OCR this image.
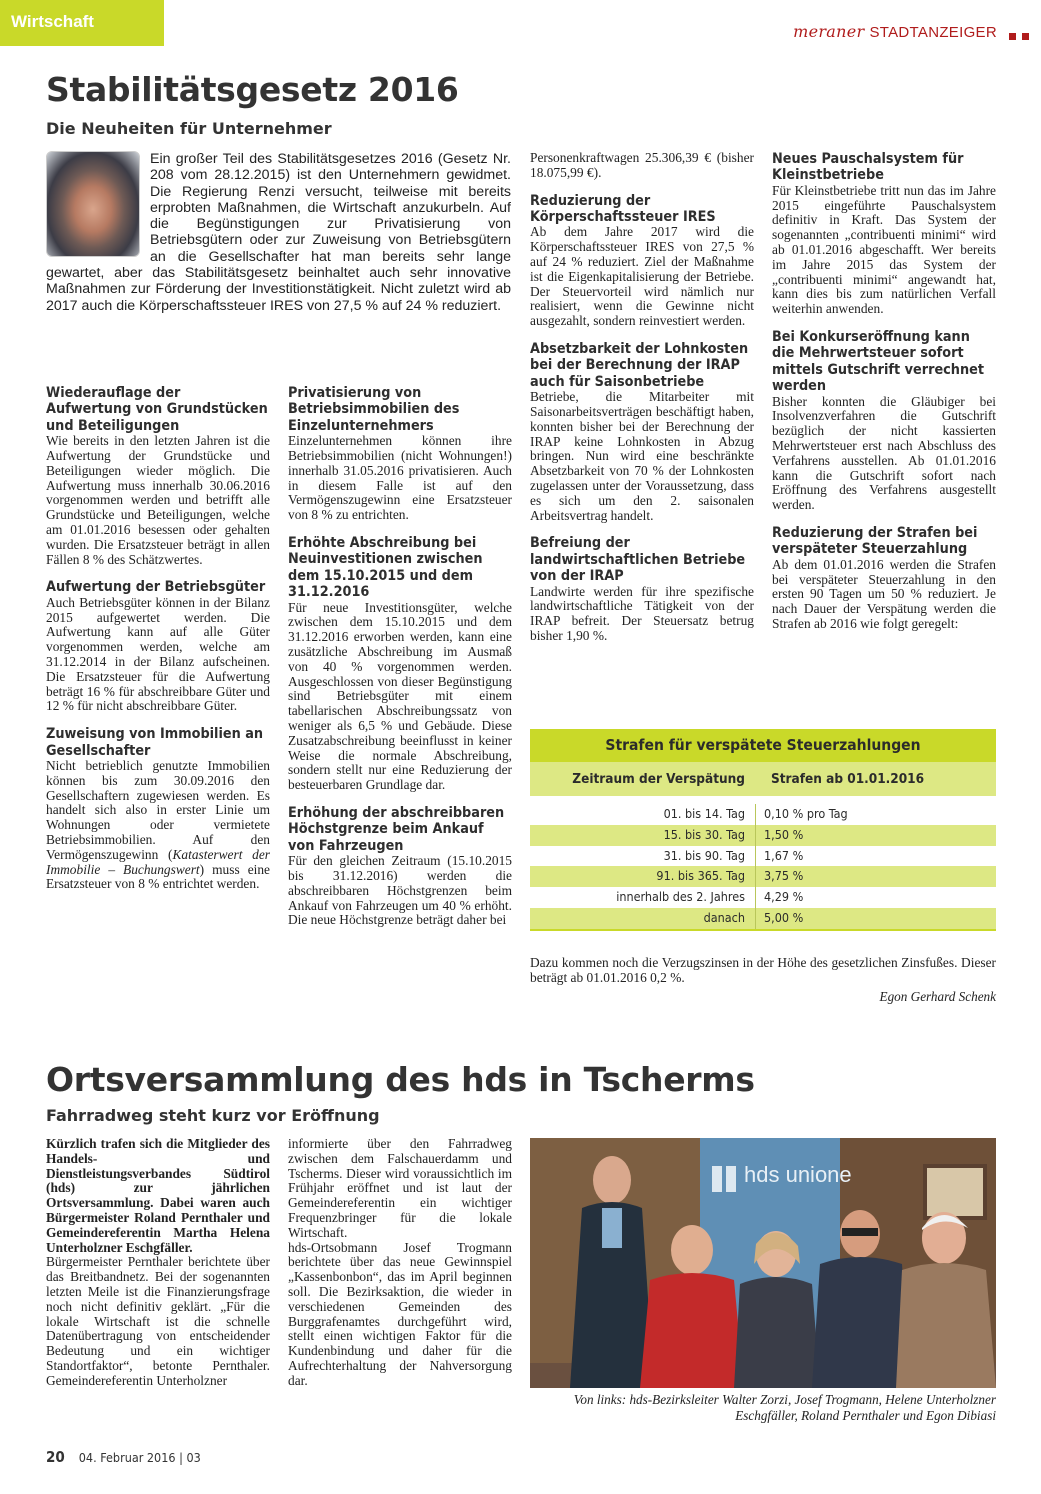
Wirtschaft
meraner STADTANZEIGER
Stabilitätsgesetz 2016
Die Neuheiten für Unternehmer
Ein großer Teil des Stabilitätsgesetzes 2016 (Gesetz Nr. 208 vom 28.12.2015) ist den Unternehmern gewidmet. Die Regierung Renzi versucht, teilweise mit bereits erprobten Maßnahmen, die Wirtschaft anzukurbeln. Auf die Begünstigungen zur Privatisierung von Betriebsgütern oder zur Zuweisung von Betriebsgütern an die Gesellschafter hat man bereits sehr lange gewartet, aber das Stabilitätsgesetz beinhaltet auch sehr innovative Maßnahmen zur Förderung der Investitionstätigkeit. Nicht zuletzt wird ab 2017 auch die Körperschaftssteuer IRES von 27,5 % auf 24 % reduziert.
Wiederauflage der Aufwertung von Grundstücken und Beteiligungen

Wie bereits in den letzten Jahren ist die Aufwertung der Grundstücke und Beteiligungen wieder möglich. Die Aufwertung muss innerhalb 30.06.2016 vorgenommen werden und betrifft alle Grundstücke und Beteiligungen, welche am 01.01.2016 besessen oder gehalten wurden. Die Ersatzsteuer beträgt in allen Fällen 8 % des Schätzwertes.

Aufwertung der Betriebsgüter

Auch Betriebsgüter können in der Bilanz 2015 aufgewertet werden. Die Aufwertung kann auf alle Güter vorgenommen werden, welche am 31.12.2014 in der Bilanz aufscheinen. Die Ersatzsteuer für die Aufwertung beträgt 16 % für abschreibbare Güter und 12 % für nicht abschreibbare Güter.

Zuweisung von Immobilien an Gesellschafter

Nicht betrieblich genutzte Immobilien können bis zum 30.09.2016 den Gesellschaftern zugewiesen werden. Es handelt sich also in erster Linie um Wohnungen oder vermietete Betriebsimmobilien. Auf den Vermögenszugewinn (Katasterwert der Immobilie – Buchungswert) muss eine Ersatzsteuer von 8 % entrichtet werden.

Privatisierung von Betriebsimmobilien des Einzelunternehmers

Einzelunternehmen können ihre Betriebsimmobilien (nicht Wohnungen!) innerhalb 31.05.2016 privatisieren. Auch in diesem Falle ist auf den Vermögenszugewinn eine Ersatzsteuer von 8 % zu entrichten.

Erhöhte Abschreibung bei Neuinvestitionen zwischen dem 15.10.2015 und dem 31.12.2016

Für neue Investitionsgüter, welche zwischen dem 15.10.2015 und dem 31.12.2016 erworben werden, kann eine zusätzliche Abschreibung im Ausmaß von 40 % vorgenommen werden. Ausgeschlossen von dieser Begünstigung sind Betriebsgüter mit einem tabellarischen Abschreibungssatz von weniger als 6,5 % und Gebäude. Diese Zusatzabschreibung beeinflusst in keiner Weise die normale Abschreibung, sondern stellt nur eine Reduzierung der besteuerbaren Grundlage dar.

Erhöhung der abschreibbaren Höchstgrenze beim Ankauf von Fahrzeugen

Für den gleichen Zeitraum (15.10.2015 bis 31.12.2016) werden die abschreibbaren Höchstgrenzen beim Ankauf von Fahrzeugen um 40 % erhöht. Die neue Höchstgrenze beträgt daher bei

Personenkraftwagen 25.306,39 € (bisher 18.075,99 €).

Reduzierung der Körperschaftssteuer IRES

Ab dem Jahre 2017 wird die Körperschaftssteuer IRES von 27,5 % auf 24 % reduziert. Ziel der Maßnahme ist die Eigenkapitalisierung der Betriebe. Der Steuervorteil wird nämlich nur realisiert, wenn die Gewinne nicht ausgezahlt, sondern reinvestiert werden.

Absetzbarkeit der Lohnkosten bei der Berechnung der IRAP auch für Saisonbetriebe

Betriebe, die Mitarbeiter mit Saisonarbeitsverträgen beschäftigt haben, konnten bisher bei der Berechnung der IRAP keine Lohnkosten in Abzug bringen. Nun wird eine beschränkte Absetzbarkeit von 70 % der Lohnkosten zugelassen unter der Voraussetzung, dass es sich um den 2. saisonalen Arbeitsvertrag handelt.

Befreiung der landwirtschaftlichen Betriebe von der IRAP

Landwirte werden für ihre spezifische landwirtschaftliche Tätigkeit von der IRAP befreit. Der Steuersatz betrug bisher 1,90 %.

Neues Pauschalsystem für Kleinstbetriebe

Für Kleinstbetriebe tritt nun das im Jahre 2015 eingeführte Pauschalsystem definitiv in Kraft. Das System der sogenannten „contribuenti minimi“ wird ab 01.01.2016 abgeschafft. Wer bereits im Jahre 2015 das System der „contribuenti minimi“ angewandt hat, kann dies bis zum natürlichen Verfall weiterhin anwenden.

Bei Konkurseröffnung kann die Mehrwertsteuer sofort mittels Gutschrift verrechnet werden

Bisher konnten die Gläubiger bei Insolvenzverfahren die Gutschrift bezüglich der nicht kassierten Mehrwertsteuer erst nach Abschluss des Verfahrens ausstellen. Ab 01.01.2016 kann die Gutschrift sofort nach Eröffnung des Verfahrens ausgestellt werden.

Reduzierung der Strafen bei verspäteter Steuerzahlung

Ab dem 01.01.2016 werden die Strafen bei verspäteter Steuerzahlung in den ersten 90 Tagen um 50 % reduziert. Je nach Dauer der Verspätung werden die Strafen ab 2016 wie folgt geregelt:

Strafen für verspätete Steuerzahlungen
Zeitraum der Verspätung	Strafen ab 01.01.2016
01. bis 14. Tag	0,10 % pro Tag
15. bis 30. Tag	1,50 %
31. bis 90. Tag	1,67 %
91. bis 365. Tag	3,75 %
innerhalb des 2. Jahres	4,29 %
danach	5,00 %

Dazu kommen noch die Verzugszinsen in der Höhe des gesetzlichen Zinsfußes. Dieser beträgt ab 01.01.2016 0,2 %.

Egon Gerhard Schenk
Ortsversammlung des hds in Tscherms
Fahrradweg steht kurz vor Eröffnung
Kürzlich trafen sich die Mitglieder des Handels- und Dienstleistungsverbandes Südtirol (hds) zur jährlichen Ortsversammlung. Dabei waren auch Bürgermeister Roland Pernthaler und Gemeindereferentin Martha Helena Unterholzner Eschgfäller.
Bürgermeister Pernthaler berichtete über das Breitbandnetz. Bei der sogenannten letzten Meile ist die Finanzierungsfrage noch nicht definitiv geklärt. „Für die lokale Wirtschaft ist die schnelle Datenübertragung von entscheidender Bedeutung und ein wichtiger Standortfaktor“, betonte Pernthaler. Gemeindereferentin Unterholzner
informierte über den Fahrradweg zwischen dem Falschauerdamm und Tscherms. Dieser wird voraussichtlich im Frühjahr eröffnet und ist laut der Gemeindereferentin ein wichtiger Frequenzbringer für die lokale Wirtschaft.
hds-Ortsobmann Josef Trogmann berichtete über das neue Gewinnspiel „Kassenbonbon“, das im April beginnen soll. Die Bezirksaktion, die wieder in verschiedenen Gemeinden des Burggrafenamtes durchgeführt wird, stellt einen wichtigen Faktor für die Kundenbindung und daher für die Aufrechterhaltung der Nahversorgung dar.
hds unione
Von links: hds-Bezirksleiter Walter Zorzi, Josef Trogmann, Helene Unterholzner Eschgfäller, Roland Pernthaler und Egon Dibiasi
20 04. Februar 2016 | 03
